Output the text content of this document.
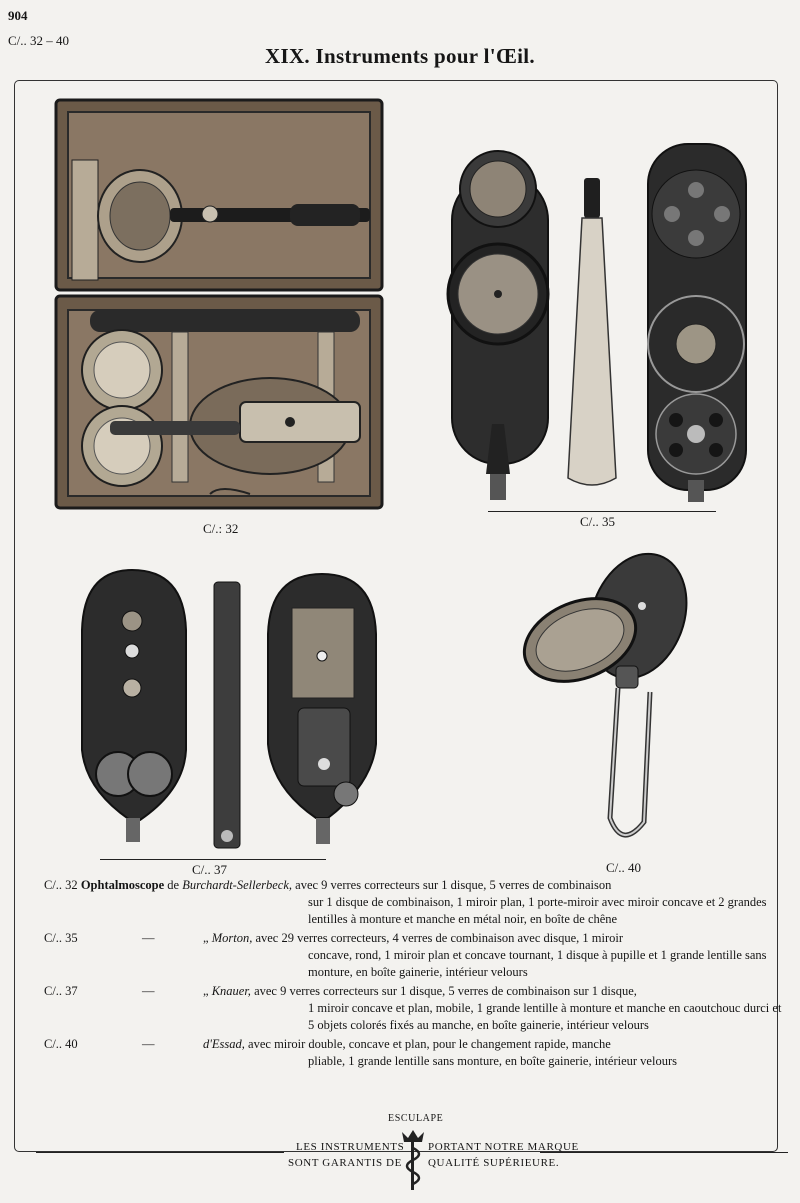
904
C/.. 32 – 40
XIX. Instruments pour l'Œil.
C/.: 32	C/.. 35
C/.. 37	C/.. 40
C/.. 32 Ophtalmoscope de Burchardt-Sellerbeck, avec 9 verres correcteurs sur 1 disque, 5 verres de combinaison
sur 1 disque de combinaison, 1 miroir plan, 1 porte-miroir avec miroir concave et 2 grandes lentilles à monture et manche en métal noir, en boîte de chêne
C/.. 35	—	„ Morton, avec 29 verres correcteurs, 4 verres de combinaison avec disque, 1 miroir
concave, rond, 1 miroir plan et concave tournant, 1 disque à pupille et 1 grande lentille sans monture, en boîte gainerie, intérieur velours
C/.. 37	—	„ Knauer, avec 9 verres correcteurs sur 1 disque, 5 verres de combinaison sur 1 disque,
1 miroir concave et plan, mobile, 1 grande lentille à monture et manche en caoutchouc durci et 5 objets colorés fixés au manche, en boîte gainerie, intérieur velours
C/.. 40	—	d'Essad, avec miroir double, concave et plan, pour le changement rapide, manche
pliable, 1 grande lentille sans monture, en boîte gainerie, intérieur velours
ESCULAPE
LES INSTRUMENTS
SONT GARANTIS DE
PORTANT NOTRE MARQUE
QUALITÉ SUPÉRIEURE.
